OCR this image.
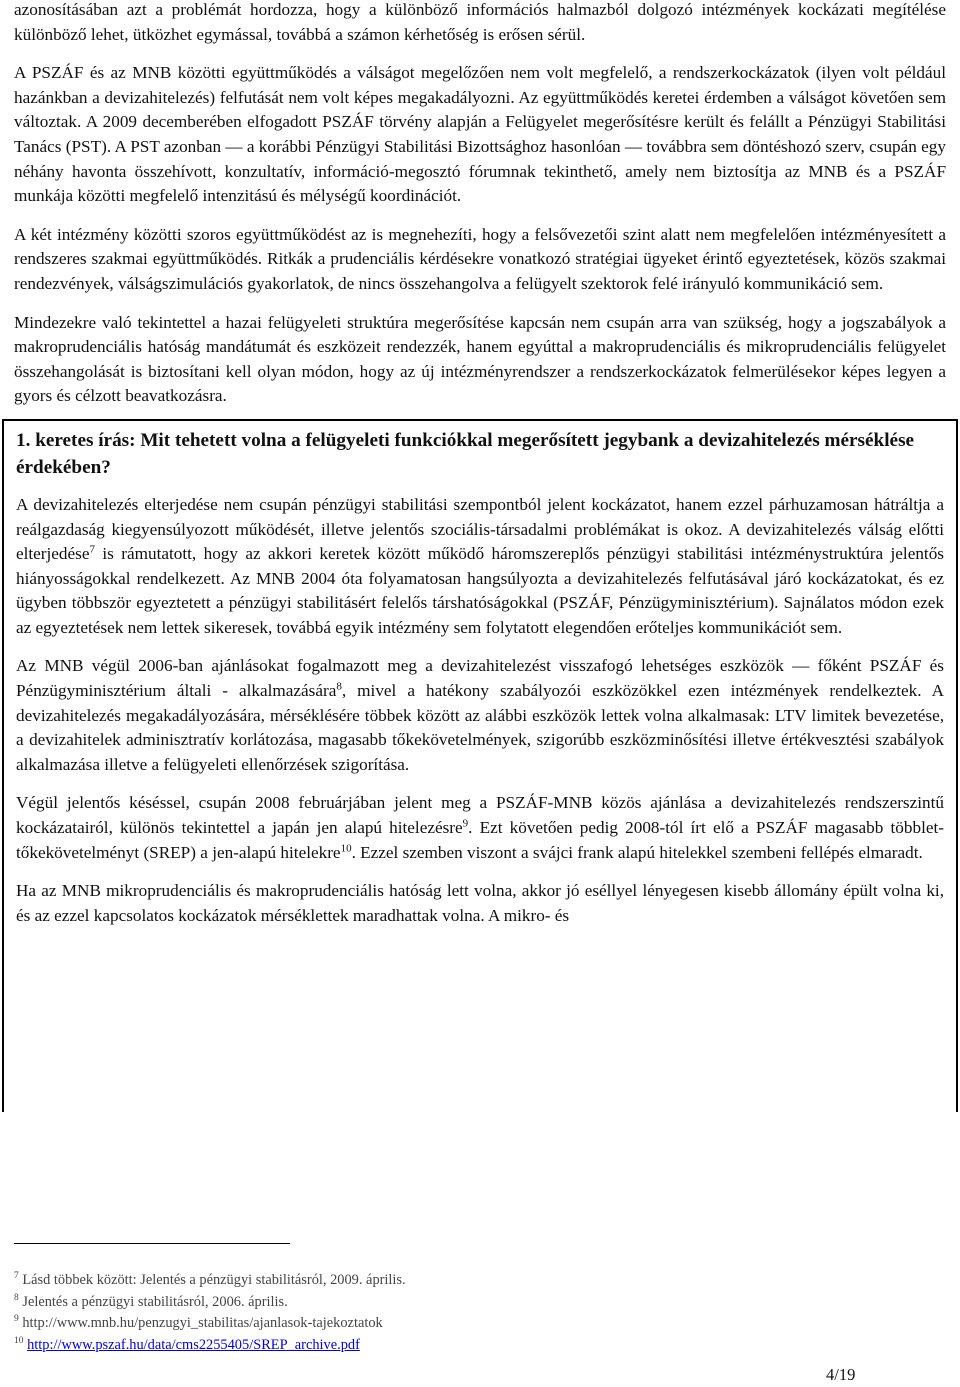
azonosításában azt a problémát hordozza, hogy a különböző információs halmazból dolgozó intézmények kockázati megítélése különböző lehet, ütközhet egymással, továbbá a számon kérhetőség is erősen sérül.

A PSZÁF és az MNB közötti együttműködés a válságot megelőzően nem volt megfelelő, a rendszerkockázatok (ilyen volt például hazánkban a devizahitelezés) felfutását nem volt képes megakadályozni. Az együttműködés keretei érdemben a válságot követően sem változtak. A 2009 decemberében elfogadott PSZÁF törvény alapján a Felügyelet megerősítésre került és felállt a Pénzügyi Stabilitási Tanács (PST). A PST azonban — a korábbi Pénzügyi Stabilitási Bizottsághoz hasonlóan — továbbra sem döntéshozó szerv, csupán egy néhány havonta összehívott, konzultatív, információ-megosztó fórumnak tekinthető, amely nem biztosítja az MNB és a PSZÁF munkája közötti megfelelő intenzitású és mélységű koordinációt.

A két intézmény közötti szoros együttműködést az is megnehezíti, hogy a felsővezetői szint alatt nem megfelelően intézményesített a rendszeres szakmai együttműködés. Ritkák a prudenciális kérdésekre vonatkozó stratégiai ügyeket érintő egyeztetések, közös szakmai rendezvények, válságszimulációs gyakorlatok, de nincs összehangolva a felügyelt szektorok felé irányuló kommunikáció sem.

Mindezekre való tekintettel a hazai felügyeleti struktúra megerősítése kapcsán nem csupán arra van szükség, hogy a jogszabályok a makroprudenciális hatóság mandátumát és eszközeit rendezzék, hanem egyúttal a makroprudenciális és mikroprudenciális felügyelet összehangolását is biztosítani kell olyan módon, hogy az új intézményrendszer a rendszerkockázatok felmerülésekor képes legyen a gyors és célzott beavatkozásra.

1. keretes írás: Mit tehetett volna a felügyeleti funkciókkal megerősített jegybank a devizahitelezés mérséklése érdekében?

A devizahitelezés elterjedése nem csupán pénzügyi stabilitási szempontból jelent kockázatot, hanem ezzel párhuzamosan hátráltja a reálgazdaság kiegyensúlyozott működését, illetve jelentős szociális-társadalmi problémákat is okoz. A devizahitelezés válság előtti elterjedése$^7$ is rámutatott, hogy az akkori keretek között működő háromszereplős pénzügyi stabilitási intézménystruktúra jelentős hiányosságokkal rendelkezett. Az MNB 2004 óta folyamatosan hangsúlyozta a devizahitelezés felfutásával járó kockázatokat, és ez ügyben többször egyeztetett a pénzügyi stabilitásért felelős társhatóságokkal (PSZÁF, Pénzügyminisztérium). Sajnálatos módon ezek az egyeztetések nem lettek sikeresek, továbbá egyik intézmény sem folytatott elegendően erőteljes kommunikációt sem.

Az MNB végül 2006-ban ajánlásokat fogalmazott meg a devizahitelezést visszafogó lehetséges eszközök — főként PSZÁF és Pénzügyminisztérium általi - alkalmazására$^8$, mivel a hatékony szabályozói eszközökkel ezen intézmények rendelkeztek. A devizahitelezés megakadályozására, mérséklésére többek között az alábbi eszközök lettek volna alkalmasak: LTV limitek bevezetése, a devizahitelek adminisztratív korlátozása, magasabb tőkekövetelmények, szigorúbb eszközminősítési illetve értékvesztési szabályok alkalmazása illetve a felügyeleti ellenőrzések szigorítása.

Végül jelentős késéssel, csupán 2008 februárjában jelent meg a PSZÁF-MNB közös ajánlása a devizahitelezés rendszerszintű kockázatairól, különös tekintettel a japán jen alapú hitelezésre$^9$. Ezt követően pedig 2008-tól írt elő a PSZÁF magasabb többlet-tőkekövetelményt (SREP) a jen-alapú hitelekre$^{10}$. Ezzel szemben viszont a svájci frank alapú hitelekkel szembeni fellépés elmaradt.

Ha az MNB mikroprudenciális és makroprudenciális hatóság lett volna, akkor jó eséllyel lényegesen kisebb állomány épült volna ki, és az ezzel kapcsolatos kockázatok mérséklettek maradhattak volna. A mikro- és

$^7$ Lásd többek között: Jelentés a pénzügyi stabilitásról, 2009. április.

$^8$ Jelentés a pénzügyi stabilitásról, 2006. április.

$^9$ http://www.mnb.hu/penzugyi_stabilitas/ajanlasok-tajekoztatok

$^{10}$ http://www.pszaf.hu/data/cms2255405/SREP_archive.pdf

4/19
